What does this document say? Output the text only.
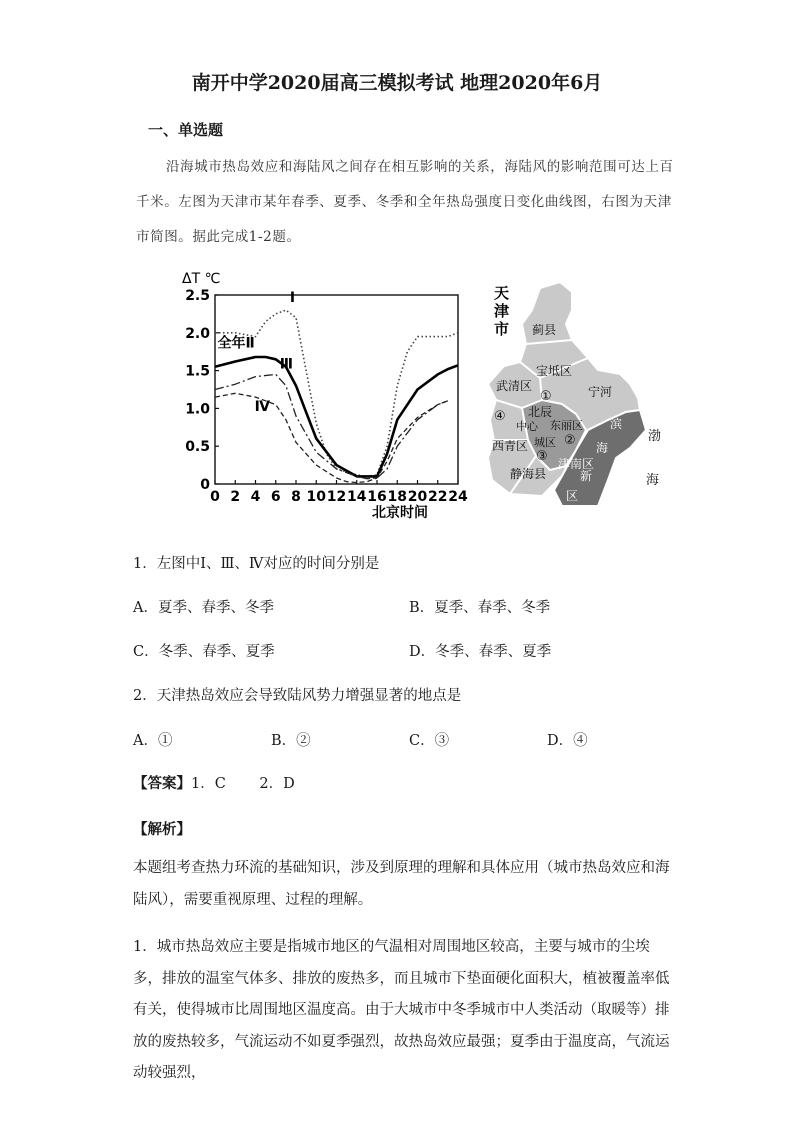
南开中学2020届高三模拟考试 地理2020年6月
一、单选题
沿海城市热岛效应和海陆风之间存在相互影响的关系，海陆风的影响范围可达上百千米。左图为天津市某年春季、夏季、冬季和全年热岛强度日变化曲线图，右图为天津市简图。据此完成1-2题。
ΔT ℃
0
0.5
1.0
1.5
2.0
2.5
0 2 4 6 8 10 12 14 16 18 20 22 24
Ⅰ
全年Ⅱ
Ⅲ
Ⅳ
北京时间
天
津
市 蓟县
宝坻区
武清区	宁河
北辰
中心 东丽区
西青区 城区
静海县
津南区
滨
海
新
区
渤
海
①
②
③
④
1．左图中Ⅰ、Ⅲ、Ⅳ对应的时间分别是
A．夏季、春季、冬季	B．夏季、春季、冬季
C．冬季、春季、夏季	D．冬季、春季、夏季
2．天津热岛效应会导致陆风势力增强显著的地点是
A．①	B．②	C．③	D．④
【答案】1．C　　 2．D
【解析】
本题组考查热力环流的基础知识，涉及到原理的理解和具体应用（城市热岛效应和海陆风），需要重视原理、过程的理解。
1．城市热岛效应主要是指城市地区的气温相对周围地区较高，主要与城市的尘埃多，排放的温室气体多、排放的废热多，而且城市下垫面硬化面积大，植被覆盖率低有关，使得城市比周围地区温度高。由于大城市中冬季城市中人类活动（取暖等）排放的废热较多，气流运动不如夏季强烈，故热岛效应最强；夏季由于温度高，气流运动较强烈，
